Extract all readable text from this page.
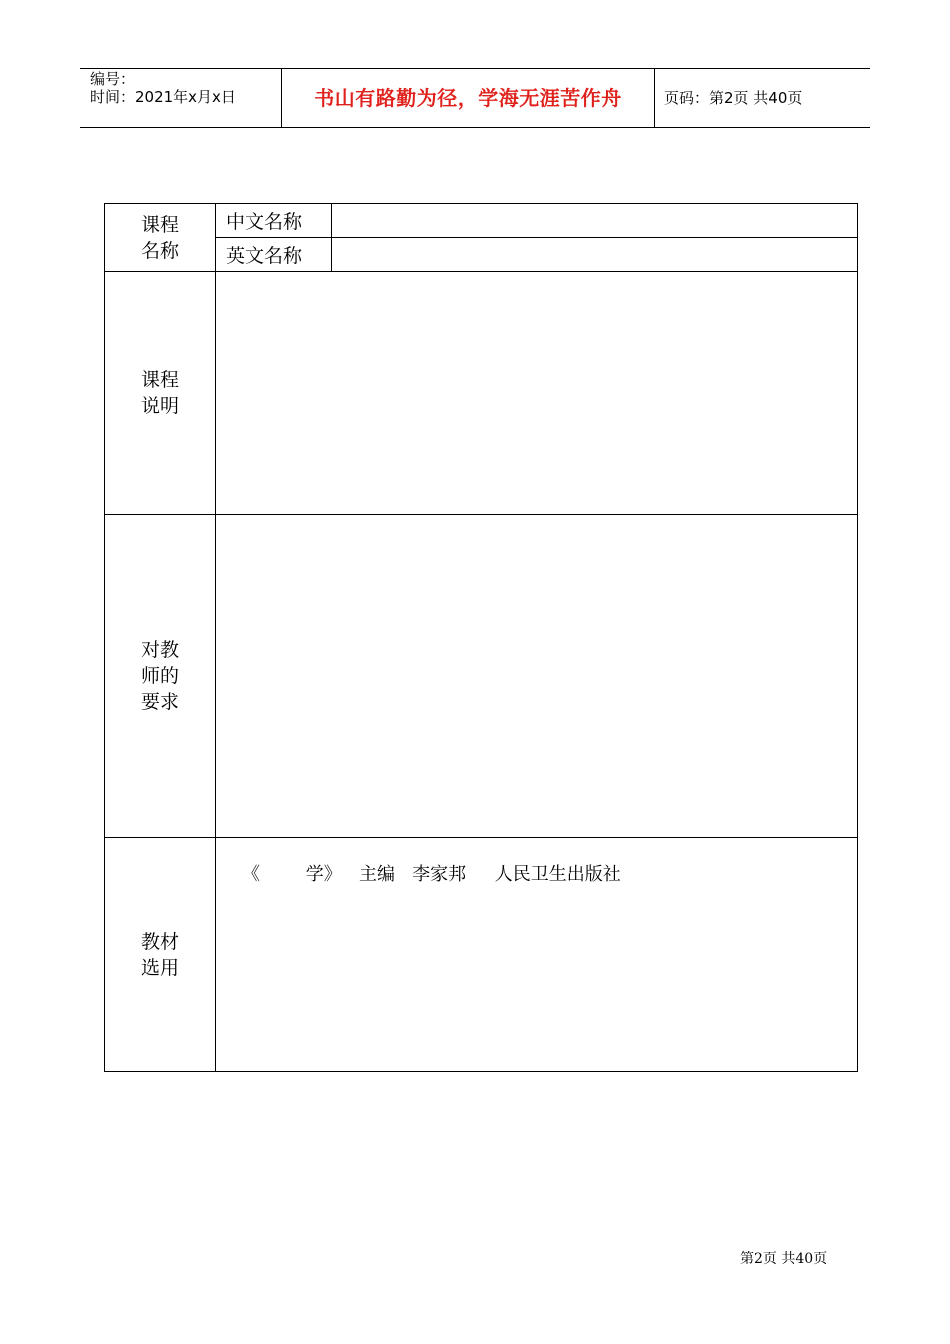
编号：
时间：2021年x月x日	书山有路勤为径，学海无涯苦作舟	页码：第2页 共40页
课程
名称	中文名称	
	英文名称	

课程
说明		

对教
师的
要求		

教材
选用	《        学》   主编   李家邦     人民卫生出版社	
第2页 共40页
